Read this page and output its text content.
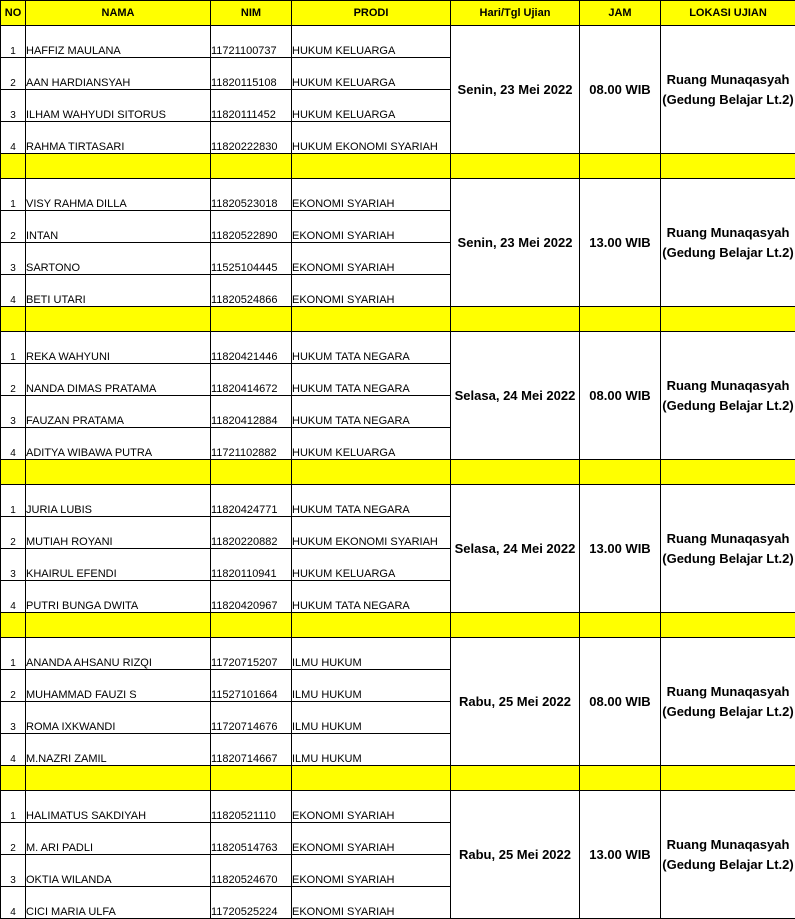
NO	NAMA	NIM	PRODI	Hari/Tgl Ujian	JAM	LOKASI UJIAN
1	HAFFIZ MAULANA	11721100737	HUKUM KELUARGA	Senin, 23 Mei 2022	08.00 WIB	Ruang Munaqasyah
(Gedung Belajar Lt.2)

2	AAN HARDIANSYAH	11820115108	HUKUM KELUARGA			
3	ILHAM WAHYUDI SITORUS	11820111452	HUKUM KELUARGA			
4	RAHMA TIRTASARI	11820222830	HUKUM EKONOMI SYARIAH			

1	VISY RAHMA DILLA	11820523018	EKONOMI SYARIAH	Senin, 23 Mei 2022	13.00 WIB	Ruang Munaqasyah
(Gedung Belajar Lt.2)

2	INTAN	11820522890	EKONOMI SYARIAH			
3	SARTONO	11525104445	EKONOMI SYARIAH			
4	BETI UTARI	11820524866	EKONOMI SYARIAH			

1	REKA WAHYUNI	11820421446	HUKUM TATA NEGARA	Selasa, 24 Mei 2022	08.00 WIB	Ruang Munaqasyah
(Gedung Belajar Lt.2)

2	NANDA DIMAS PRATAMA	11820414672	HUKUM TATA NEGARA			
3	FAUZAN PRATAMA	11820412884	HUKUM TATA NEGARA			
4	ADITYA WIBAWA PUTRA	11721102882	HUKUM KELUARGA			

1	JURIA LUBIS	11820424771	HUKUM TATA NEGARA	Selasa, 24 Mei 2022	13.00 WIB	Ruang Munaqasyah
(Gedung Belajar Lt.2)

2	MUTIAH ROYANI	11820220882	HUKUM EKONOMI SYARIAH			
3	KHAIRUL EFENDI	11820110941	HUKUM KELUARGA			
4	PUTRI BUNGA DWITA	11820420967	HUKUM TATA NEGARA			

1	ANANDA AHSANU RIZQI	11720715207	ILMU HUKUM	Rabu, 25 Mei 2022	08.00 WIB	Ruang Munaqasyah
(Gedung Belajar Lt.2)

2	MUHAMMAD FAUZI S	11527101664	ILMU HUKUM			
3	ROMA IXKWANDI	11720714676	ILMU HUKUM			
4	M.NAZRI ZAMIL	11820714667	ILMU HUKUM			

1	HALIMATUS SAKDIYAH	11820521110	EKONOMI SYARIAH	Rabu, 25 Mei 2022	13.00 WIB	Ruang Munaqasyah
(Gedung Belajar Lt.2)

2	M. ARI PADLI	11820514763	EKONOMI SYARIAH			
3	OKTIA WILANDA	11820524670	EKONOMI SYARIAH			
4	CICI MARIA ULFA	11720525224	EKONOMI SYARIAH			
